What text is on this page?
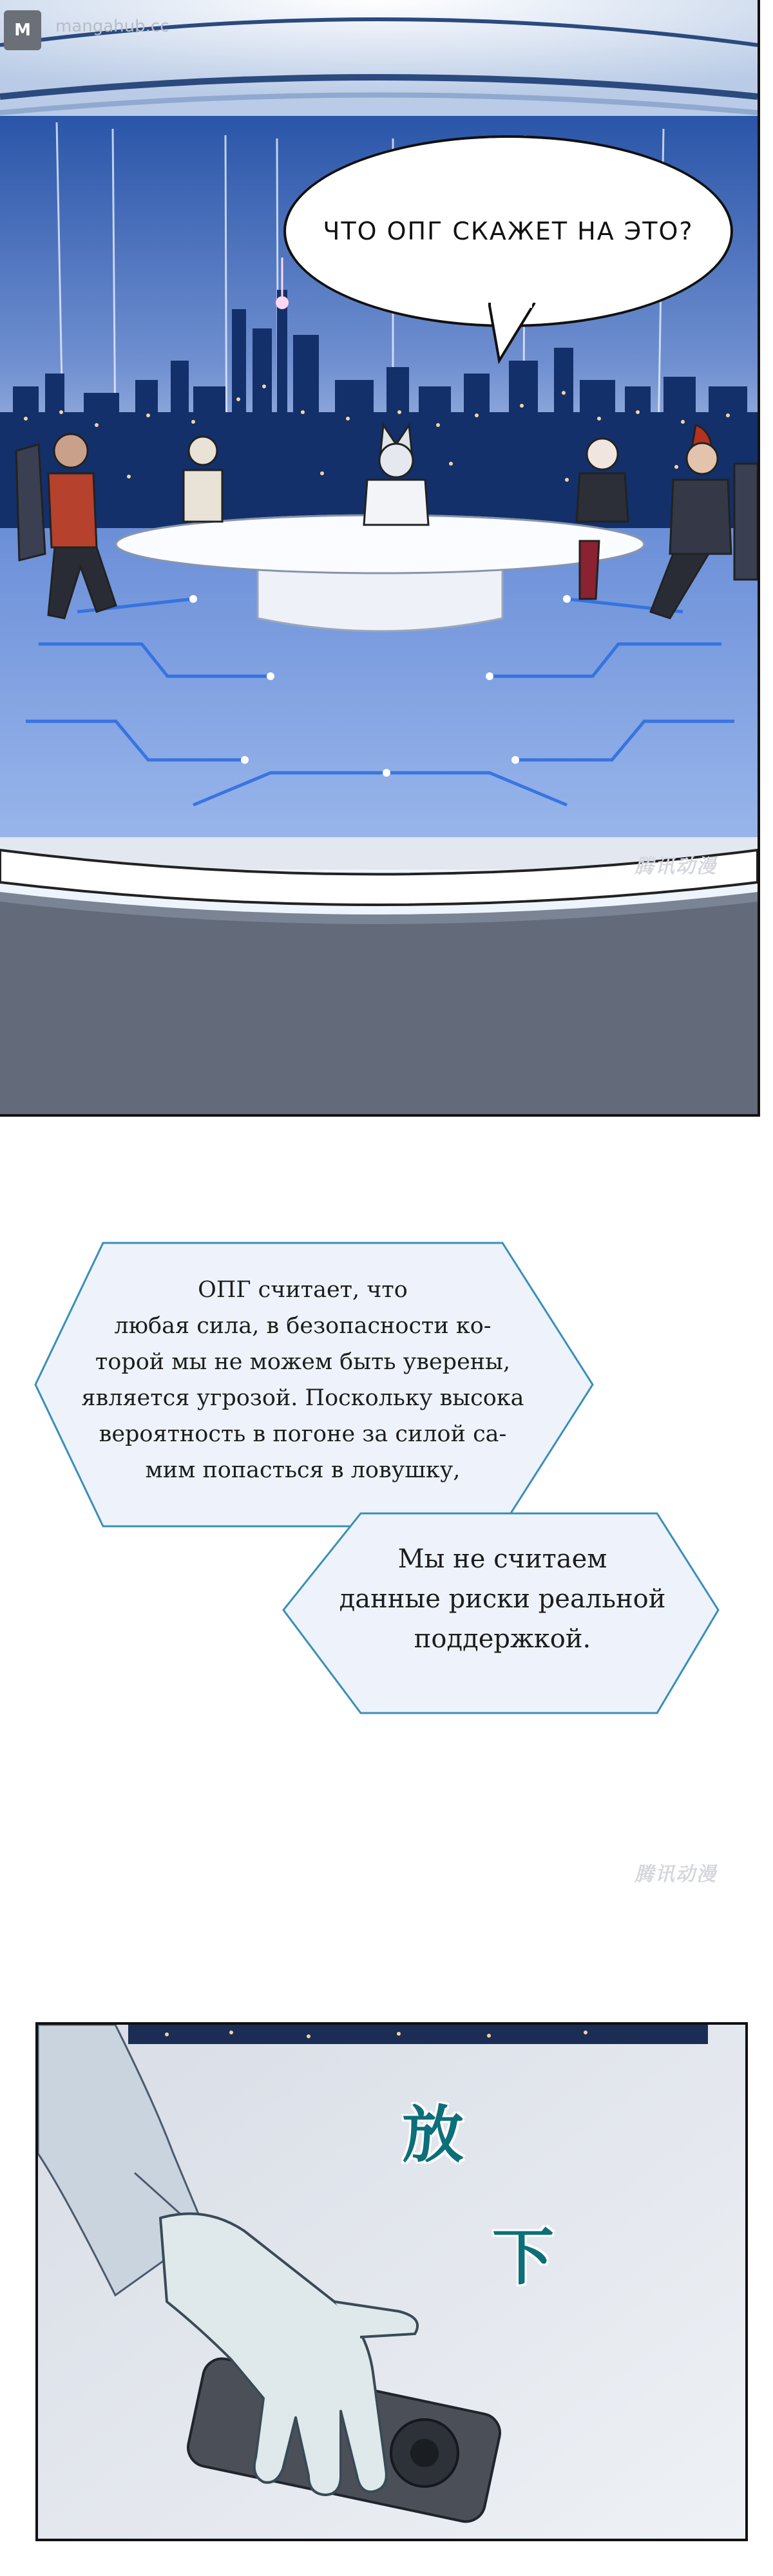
M	mangahub.cc
腾讯动漫
ЧТО ОПГ СКАЖЕТ НА ЭТО?
ОПГ считает, что
любая сила, в безопасности ко-
торой мы не можем быть уверены,
является угрозой. Поскольку высока
вероятность в погоне за силой са-
мим попасться в ловушку,
Мы не считаем
данные риски реальной
поддержкой.
腾讯动漫
放
下
